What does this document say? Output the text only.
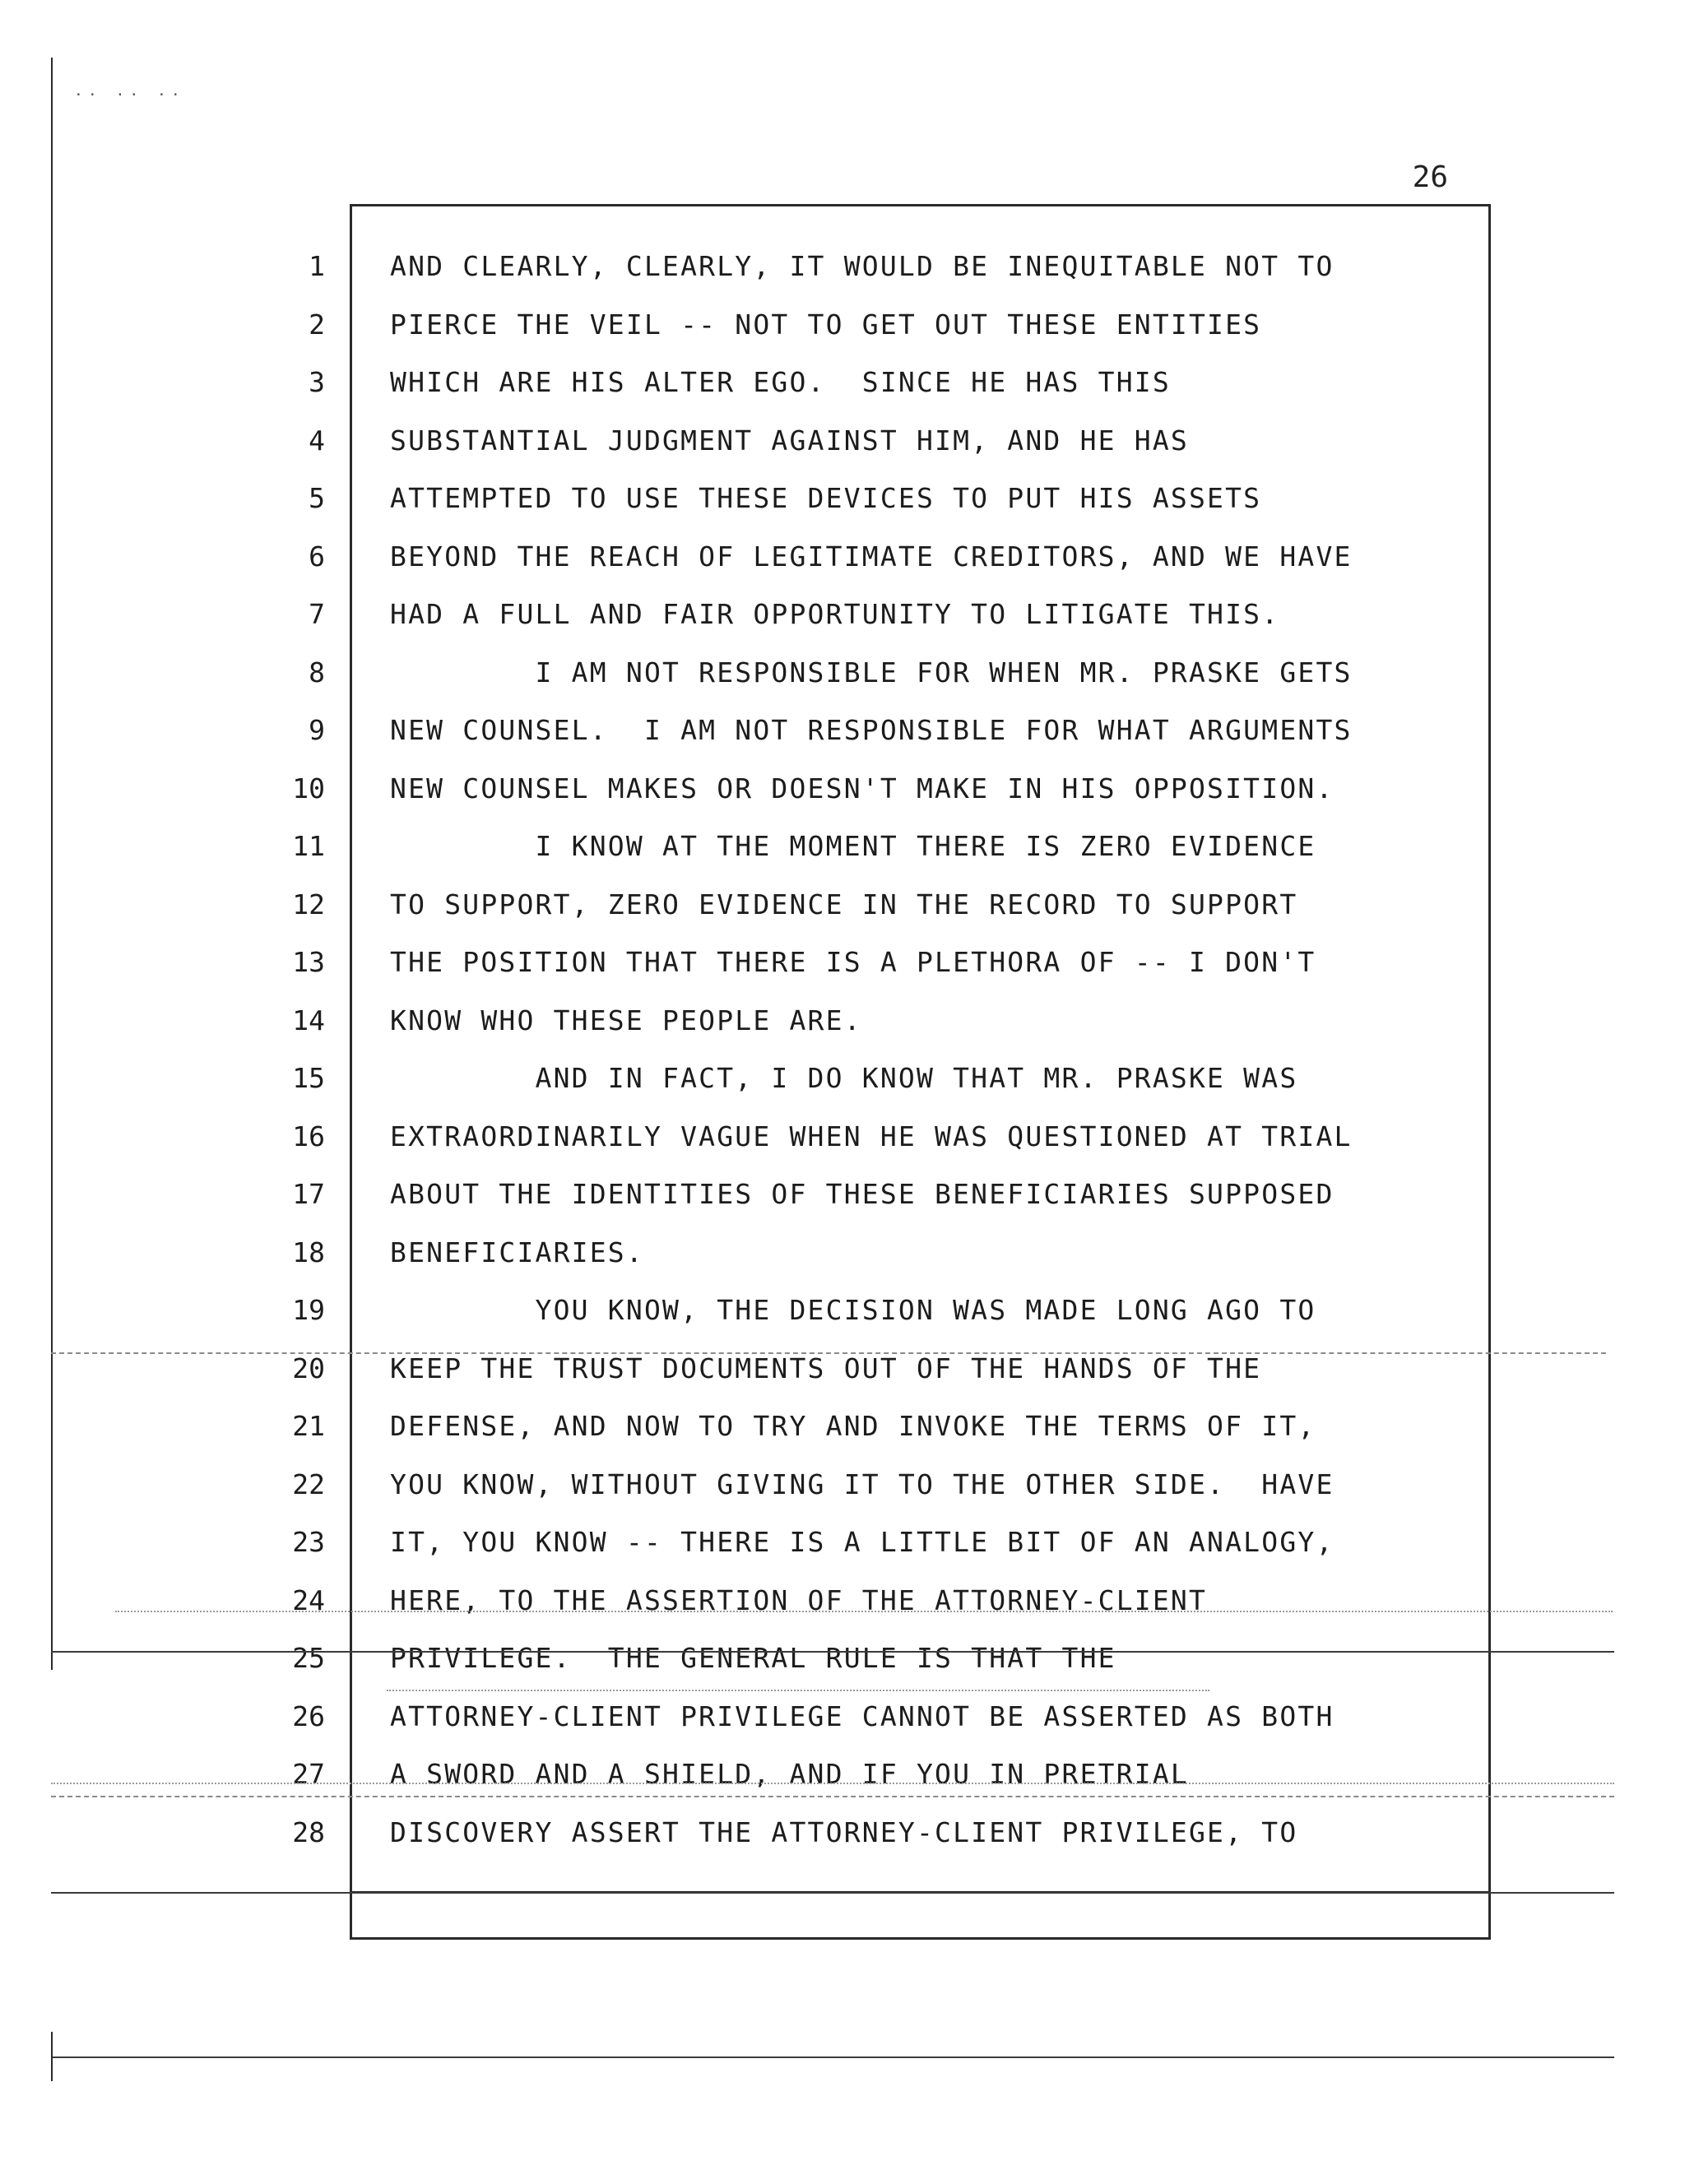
·· ·· ··
26
1
2
3
4
5
6
7
8
9
10
11
12
13
14
15
16
17
18
19
20
21
22
23
24
25
26
27
28
AND CLEARLY, CLEARLY, IT WOULD BE INEQUITABLE NOT TO
PIERCE THE VEIL -- NOT TO GET OUT THESE ENTITIES
WHICH ARE HIS ALTER EGO.  SINCE HE HAS THIS
SUBSTANTIAL JUDGMENT AGAINST HIM, AND HE HAS
ATTEMPTED TO USE THESE DEVICES TO PUT HIS ASSETS
BEYOND THE REACH OF LEGITIMATE CREDITORS, AND WE HAVE
HAD A FULL AND FAIR OPPORTUNITY TO LITIGATE THIS.
I AM NOT RESPONSIBLE FOR WHEN MR. PRASKE GETS
NEW COUNSEL.  I AM NOT RESPONSIBLE FOR WHAT ARGUMENTS
NEW COUNSEL MAKES OR DOESN'T MAKE IN HIS OPPOSITION.
I KNOW AT THE MOMENT THERE IS ZERO EVIDENCE
TO SUPPORT, ZERO EVIDENCE IN THE RECORD TO SUPPORT
THE POSITION THAT THERE IS A PLETHORA OF -- I DON'T
KNOW WHO THESE PEOPLE ARE.
AND IN FACT, I DO KNOW THAT MR. PRASKE WAS
EXTRAORDINARILY VAGUE WHEN HE WAS QUESTIONED AT TRIAL
ABOUT THE IDENTITIES OF THESE BENEFICIARIES SUPPOSED
BENEFICIARIES.
YOU KNOW, THE DECISION WAS MADE LONG AGO TO
KEEP THE TRUST DOCUMENTS OUT OF THE HANDS OF THE
DEFENSE, AND NOW TO TRY AND INVOKE THE TERMS OF IT,
YOU KNOW, WITHOUT GIVING IT TO THE OTHER SIDE.  HAVE
IT, YOU KNOW -- THERE IS A LITTLE BIT OF AN ANALOGY,
HERE, TO THE ASSERTION OF THE ATTORNEY-CLIENT
PRIVILEGE.  THE GENERAL RULE IS THAT THE
ATTORNEY-CLIENT PRIVILEGE CANNOT BE ASSERTED AS BOTH
A SWORD AND A SHIELD, AND IF YOU IN PRETRIAL
DISCOVERY ASSERT THE ATTORNEY-CLIENT PRIVILEGE, TO
